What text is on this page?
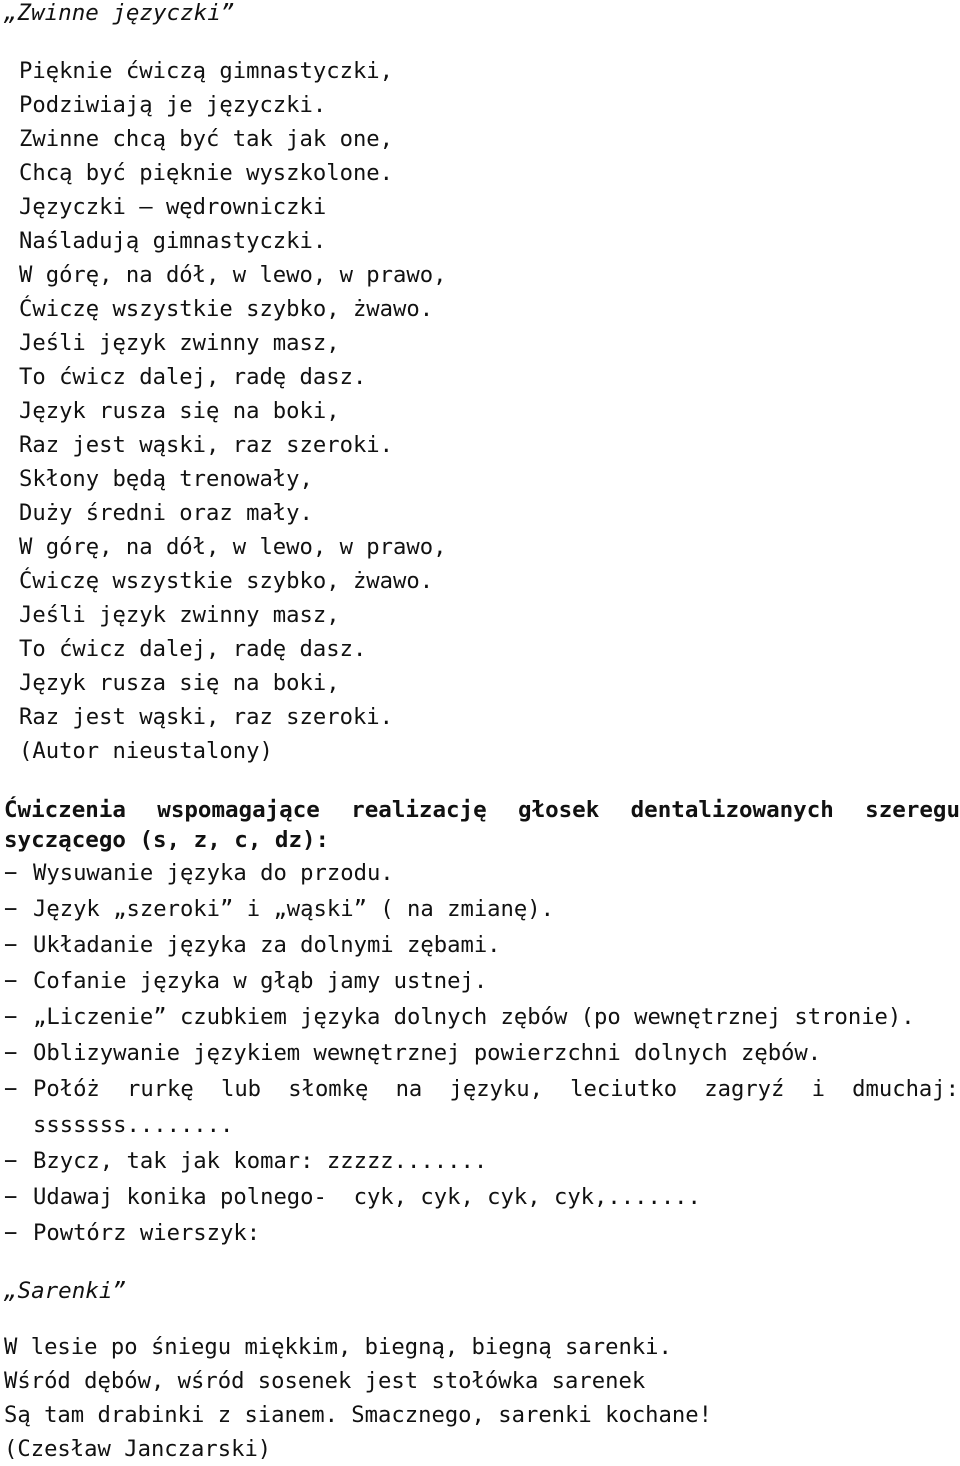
„Zwinne języczki”
Pięknie ćwiczą gimnastyczki,
Podziwiają je języczki.
Zwinne chcą być tak jak one,
Chcą być pięknie wyszkolone.
Języczki – wędrowniczki
Naśladują gimnastyczki.
W górę, na dół, w lewo, w prawo,
Ćwiczę wszystkie szybko, żwawo.
Jeśli język zwinny masz,
To ćwicz dalej, radę dasz.
Język rusza się na boki,
Raz jest wąski, raz szeroki.
Skłony będą trenowały,
Duży średni oraz mały.
W górę, na dół, w lewo, w prawo,
Ćwiczę wszystkie szybko, żwawo.
Jeśli język zwinny masz,
To ćwicz dalej, radę dasz.
Język rusza się na boki,
Raz jest wąski, raz szeroki.
(Autor nieustalony)
Ćwiczenia wspomagające realizację głosek dentalizowanych szeregu syczącego (s, z, c, dz):
− Wysuwanie języka do przodu.
− Język „szeroki” i „wąski” ( na zmianę).
− Układanie języka za dolnymi zębami.
− Cofanie języka w głąb jamy ustnej.
− „Liczenie” czubkiem języka dolnych zębów (po wewnętrznej stronie).
− Oblizywanie językiem wewnętrznej powierzchni dolnych zębów.
− Połóż rurkę lub słomkę na języku, leciutko zagryź i dmuchaj: sssssss........
− Bzycz, tak jak komar: zzzzz.......
− Udawaj konika polnego-  cyk, cyk, cyk, cyk,.......
− Powtórz wierszyk:
„Sarenki”
W lesie po śniegu miękkim, biegną, biegną sarenki.
Wśród dębów, wśród sosenek jest stołówka sarenek
Są tam drabinki z sianem. Smacznego, sarenki kochane!
(Czesław Janczarski)
